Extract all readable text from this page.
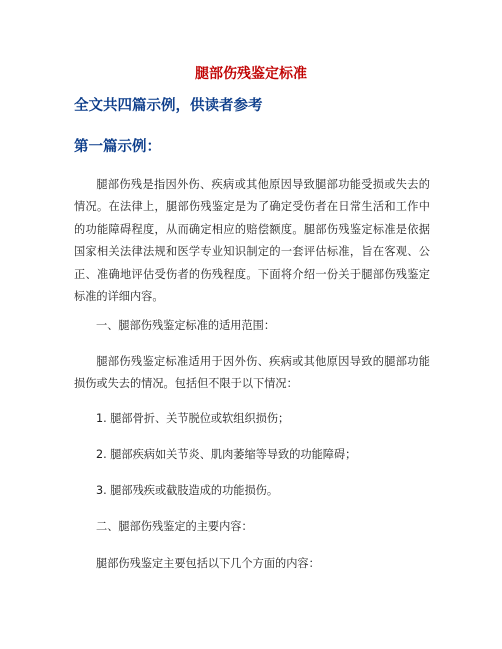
腿部伤残鉴定标准
全文共四篇示例，供读者参考
第一篇示例：
腿部伤残是指因外伤、疾病或其他原因导致腿部功能受损或失去的情况。在法律上，腿部伤残鉴定是为了确定受伤者在日常生活和工作中的功能障碍程度，从而确定相应的赔偿额度。腿部伤残鉴定标准是依据国家相关法律法规和医学专业知识制定的一套评估标准，旨在客观、公正、准确地评估受伤者的伤残程度。下面将介绍一份关于腿部伤残鉴定标准的详细内容。
一、腿部伤残鉴定标准的适用范围：
腿部伤残鉴定标准适用于因外伤、疾病或其他原因导致的腿部功能损伤或失去的情况。包括但不限于以下情况：
1. 腿部骨折、关节脱位或软组织损伤；
2. 腿部疾病如关节炎、肌肉萎缩等导致的功能障碍；
3. 腿部残疾或截肢造成的功能损伤。
二、腿部伤残鉴定的主要内容：
腿部伤残鉴定主要包括以下几个方面的内容：
